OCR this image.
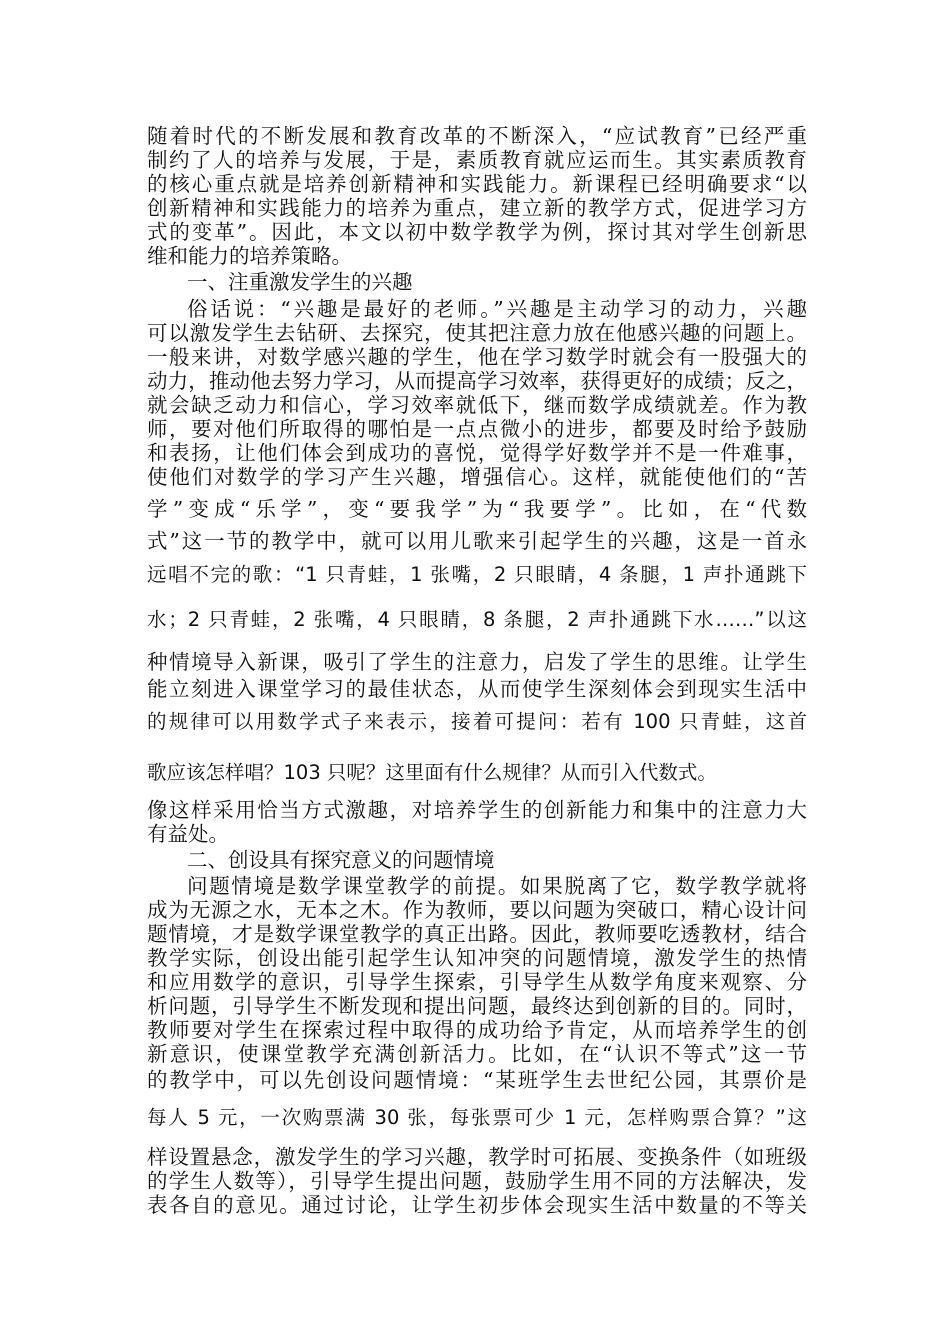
随着时代的不断发展和教育改革的不断深入，“应试教育”已经严重
制约了人的培养与发展，于是，素质教育就应运而生。其实素质教育
的核心重点就是培养创新精神和实践能力。新课程已经明确要求“以
创新精神和实践能力的培养为重点，建立新的教学方式，促进学习方
式的变革”。因此，本文以初中数学教学为例，探讨其对学生创新思
维和能力的培养策略。
一、注重激发学生的兴趣
俗话说：“兴趣是最好的老师。”兴趣是主动学习的动力，兴趣
可以激发学生去钻研、去探究，使其把注意力放在他感兴趣的问题上。
一般来讲，对数学感兴趣的学生，他在学习数学时就会有一股强大的
动力，推动他去努力学习，从而提高学习效率，获得更好的成绩；反之，
就会缺乏动力和信心，学习效率就低下，继而数学成绩就差。作为教
师，要对他们所取得的哪怕是一点点微小的进步，都要及时给予鼓励
和表扬，让他们体会到成功的喜悦，觉得学好数学并不是一件难事，
使他们对数学的学习产生兴趣，增强信心。这样，就能使他们的“苦
学”变成“乐学”，变“要我学”为“我要学”。比如，在“代数
式”这一节的教学中，就可以用儿歌来引起学生的兴趣，这是一首永
远唱不完的歌：“1 只青蛙，1 张嘴，2 只眼睛，4 条腿，1 声扑通跳下
水；2 只青蛙，2 张嘴，4 只眼睛，8 条腿，2 声扑通跳下水……”以这
种情境导入新课，吸引了学生的注意力，启发了学生的思维。让学生
能立刻进入课堂学习的最佳状态，从而使学生深刻体会到现实生活中
的规律可以用数学式子来表示，接着可提问：若有 100 只青蛙，这首
歌应该怎样唱？103 只呢？这里面有什么规律？从而引入代数式。
像这样采用恰当方式激趣，对培养学生的创新能力和集中的注意力大
有益处。
二、创设具有探究意义的问题情境
问题情境是数学课堂教学的前提。如果脱离了它，数学教学就将
成为无源之水，无本之木。作为教师，要以问题为突破口，精心设计问
题情境，才是数学课堂教学的真正出路。因此，教师要吃透教材，结合
教学实际，创设出能引起学生认知冲突的问题情境，激发学生的热情
和应用数学的意识，引导学生探索，引导学生从数学角度来观察、分
析问题，引导学生不断发现和提出问题，最终达到创新的目的。同时，
教师要对学生在探索过程中取得的成功给予肯定，从而培养学生的创
新意识，使课堂教学充满创新活力。比如，在“认识不等式”这一节
的教学中，可以先创设问题情境：“某班学生去世纪公园，其票价是
每人 5 元，一次购票满 30 张，每张票可少 1 元，怎样购票合算？”这
样设置悬念，激发学生的学习兴趣，教学时可拓展、变换条件（如班级
的学生人数等），引导学生提出问题，鼓励学生用不同的方法解决，发
表各自的意见。通过讨论，让学生初步体会现实生活中数量的不等关
